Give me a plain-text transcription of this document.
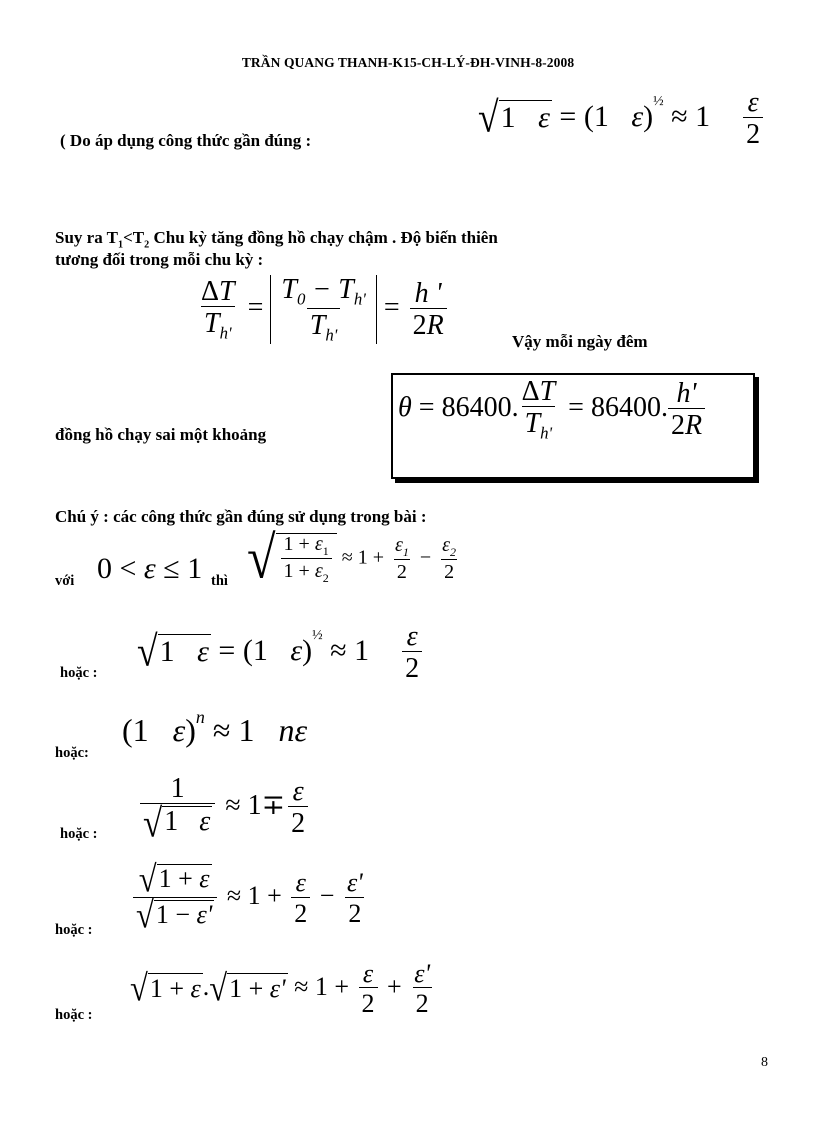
TRẦN QUANG THANH-K15-CH-LÝ-ĐH-VINH-8-2008
√ 1   ε = (1   $\varepsilon)^{\frac{1}{2}} \approx 1 \frac{\varepsilon}{2}$
( Do áp dụng công thức gần đúng :
Suy ra $T_1<T_2$ Chu kỳ tăng đồng hồ chạy chậm . Độ biến thiên
tương đối trong mỗi chu kỳ :
$\frac{\Delta T}{T_{h'}} = \frac{T_0 - T_{h'}}{T_{h'}} = \frac{h '}{2R}$
Vậy mỗi ngày đêm
θ = 86400. $\frac{\Delta T}{T_{h'}} = 86400$. $\frac{h'}{2R}$
đồng hồ chạy sai một khoảng
Chú ý : các công thức gần đúng sử dụng trong bài :
với 0 < ε ≤ 1 thì √ $\frac{1 + \varepsilon_1}{1 + \varepsilon_2} \approx 1 + \frac{\varepsilon_1}{2} - \frac{\varepsilon_2}{2}$
hoặc : √ 1   ε = (1   $\varepsilon)^{\frac{1}{2}} \approx 1 \frac{\varepsilon}{2}$
hoặc:
(1   ε)$^n$ ≈ 1   nε
hoặc : $\frac{1}{√ 1 \varepsilon} \approx 1\mp \frac{\varepsilon}{2}$
hoặc : $\frac{√ 1 + \varepsilon}{√ 1 - \varepsilon'} \approx 1 + \frac{\varepsilon}{2} - \frac{\varepsilon'}{2}$
hoặc :
√ 1 + ε . √ $1 + \varepsilon' \approx 1 + \frac{\varepsilon}{2} + \frac{\varepsilon'}{2}$
8
